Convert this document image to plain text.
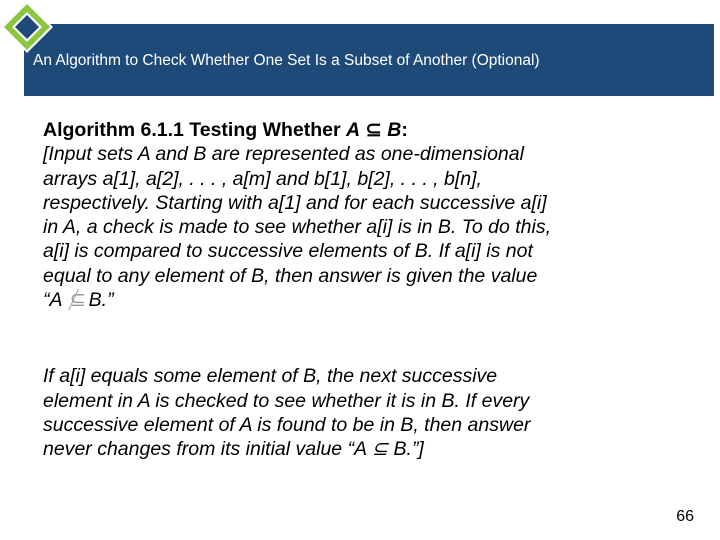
An Algorithm to Check Whether One Set Is a Subset of Another (Optional)
Algorithm 6.1.1 Testing Whether A ⊆ B:
[Input sets A and B are represented as one-dimensional
arrays a[1], a[2], . . . , a[m] and b[1], b[2], . . . , b[n],
respectively. Starting with a[1] and for each successive a[i]
in A, a check is made to see whether a[i] is in B. To do this,
a[i] is compared to successive elements of B. If a[i] is not
equal to any element of B, then answer is given the value
“A ⊆ B.”
If a[i] equals some element of B, the next successive
element in A is checked to see whether it is in B. If every
successive element of A is found to be in B, then answer
never changes from its initial value “A ⊆ B.”]
66
